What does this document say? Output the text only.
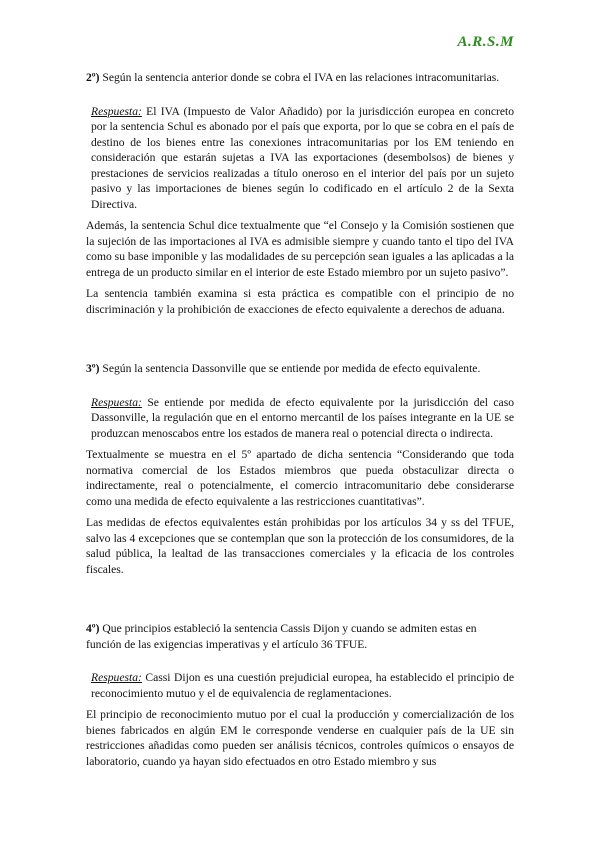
A.R.S.M

2º) Según la sentencia anterior donde se cobra el IVA en las relaciones intracomunitarias.

Respuesta: El IVA (Impuesto de Valor Añadido) por la jurisdicción europea en concreto por la sentencia Schul es abonado por el país que exporta, por lo que se cobra en el país de destino de los bienes entre las conexiones intracomunitarias por los EM teniendo en consideración que estarán sujetas a IVA las exportaciones (desembolsos) de bienes y prestaciones de servicios realizadas a título oneroso en el interior del país por un sujeto pasivo y las importaciones de bienes según lo codificado en el artículo 2 de la Sexta Directiva.

Además, la sentencia Schul dice textualmente que “el Consejo y la Comisión sostienen que la sujeción de las importaciones al IVA es admisible siempre y cuando tanto el tipo del IVA como su base imponible y las modalidades de su percepción sean iguales a las aplicadas a la entrega de un producto similar en el interior de este Estado miembro por un sujeto pasivo”.

La sentencia también examina si esta práctica es compatible con el principio de no discriminación y la prohibición de exacciones de efecto equivalente a derechos de aduana.

3º) Según la sentencia Dassonville que se entiende por medida de efecto equivalente.

Respuesta: Se entiende por medida de efecto equivalente por la jurisdicción del caso Dassonville, la regulación que en el entorno mercantil de los países integrante en la UE se produzcan menoscabos entre los estados de manera real o potencial directa o indirecta.

Textualmente se muestra en el 5º apartado de dicha sentencia “Considerando que toda normativa comercial de los Estados miembros que pueda obstaculizar directa o indirectamente, real o potencialmente, el comercio intracomunitario debe considerarse como una medida de efecto equivalente a las restricciones cuantitativas”.

Las medidas de efectos equivalentes están prohibidas por los artículos 34 y ss del TFUE, salvo las 4 excepciones que se contemplan que son la protección de los consumidores, de la salud pública, la lealtad de las transacciones comerciales y la eficacia de los controles fiscales.

4º) Que principios estableció la sentencia Cassis Dijon y cuando se admiten estas en función de las exigencias imperativas y el artículo 36 TFUE.

Respuesta: Cassi Dijon es una cuestión prejudicial europea, ha establecido el principio de reconocimiento mutuo y el de equivalencia de reglamentaciones.

El principio de reconocimiento mutuo por el cual la producción y comercialización de los bienes fabricados en algún EM le corresponde venderse en cualquier país de la UE sin restricciones añadidas como pueden ser análisis técnicos, controles químicos o ensayos de laboratorio, cuando ya hayan sido efectuados en otro Estado miembro y sus
